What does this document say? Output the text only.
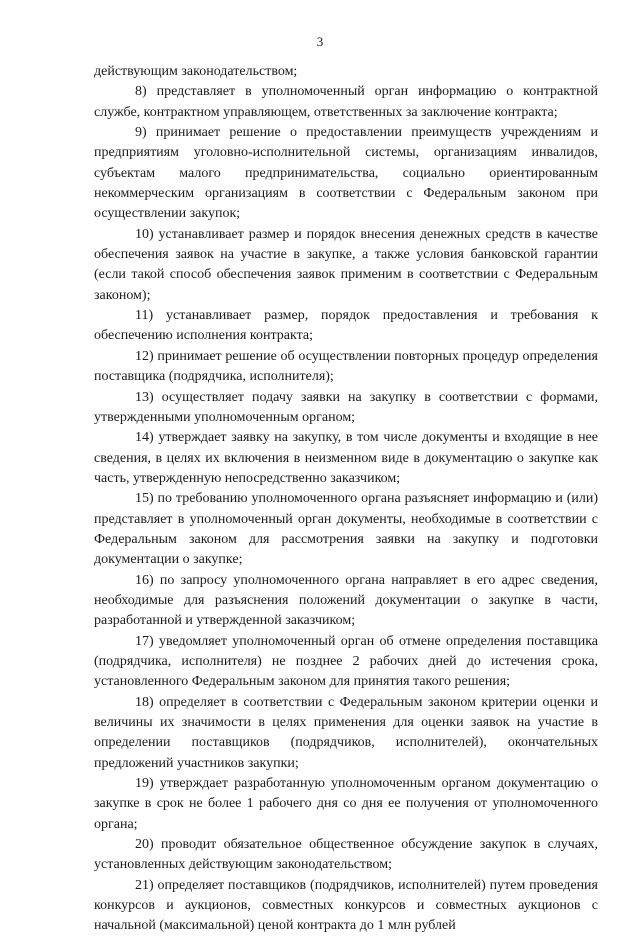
3

действующим законодательством;

8) представляет в уполномоченный орган информацию о контрактной службе, контрактном управляющем, ответственных за заключение контракта;

9) принимает решение о предоставлении преимуществ учреждениям и предприятиям уголовно-исполнительной системы, организациям инвалидов, субъектам малого предпринимательства, социально ориентированным некоммерческим организациям в соответствии с Федеральным законом при осуществлении закупок;

10) устанавливает размер и порядок внесения денежных средств в качестве обеспечения заявок на участие в закупке, а также условия банковской гарантии (если такой способ обеспечения заявок применим в соответствии с Федеральным законом);

11) устанавливает размер, порядок предоставления и требования к обеспечению исполнения контракта;

12) принимает решение об осуществлении повторных процедур определения поставщика (подрядчика, исполнителя);

13) осуществляет подачу заявки на закупку в соответствии с формами, утвержденными уполномоченным органом;

14) утверждает заявку на закупку, в том числе документы и входящие в нее сведения, в целях их включения в неизменном виде в документацию о закупке как часть, утвержденную непосредственно заказчиком;

15) по требованию уполномоченного органа разъясняет информацию и (или) представляет в уполномоченный орган документы, необходимые в соответствии с Федеральным законом для рассмотрения заявки на закупку и подготовки документации о закупке;

16) по запросу уполномоченного органа направляет в его адрес сведения, необходимые для разъяснения положений документации о закупке в части, разработанной и утвержденной заказчиком;

17) уведомляет уполномоченный орган об отмене определения поставщика (подрядчика, исполнителя) не позднее 2 рабочих дней до истечения срока, установленного Федеральным законом для принятия такого решения;

18) определяет в соответствии с Федеральным законом критерии оценки и величины их значимости в целях применения для оценки заявок на участие в определении поставщиков (подрядчиков, исполнителей), окончательных предложений участников закупки;

19) утверждает разработанную уполномоченным органом документацию о закупке в срок не более 1 рабочего дня со дня ее получения от уполномоченного органа;

20) проводит обязательное общественное обсуждение закупок в случаях, установленных действующим законодательством;

21) определяет поставщиков (подрядчиков, исполнителей) путем проведения конкурсов и аукционов, совместных конкурсов и совместных аукционов с начальной (максимальной) ценой контракта до 1 млн рублей
